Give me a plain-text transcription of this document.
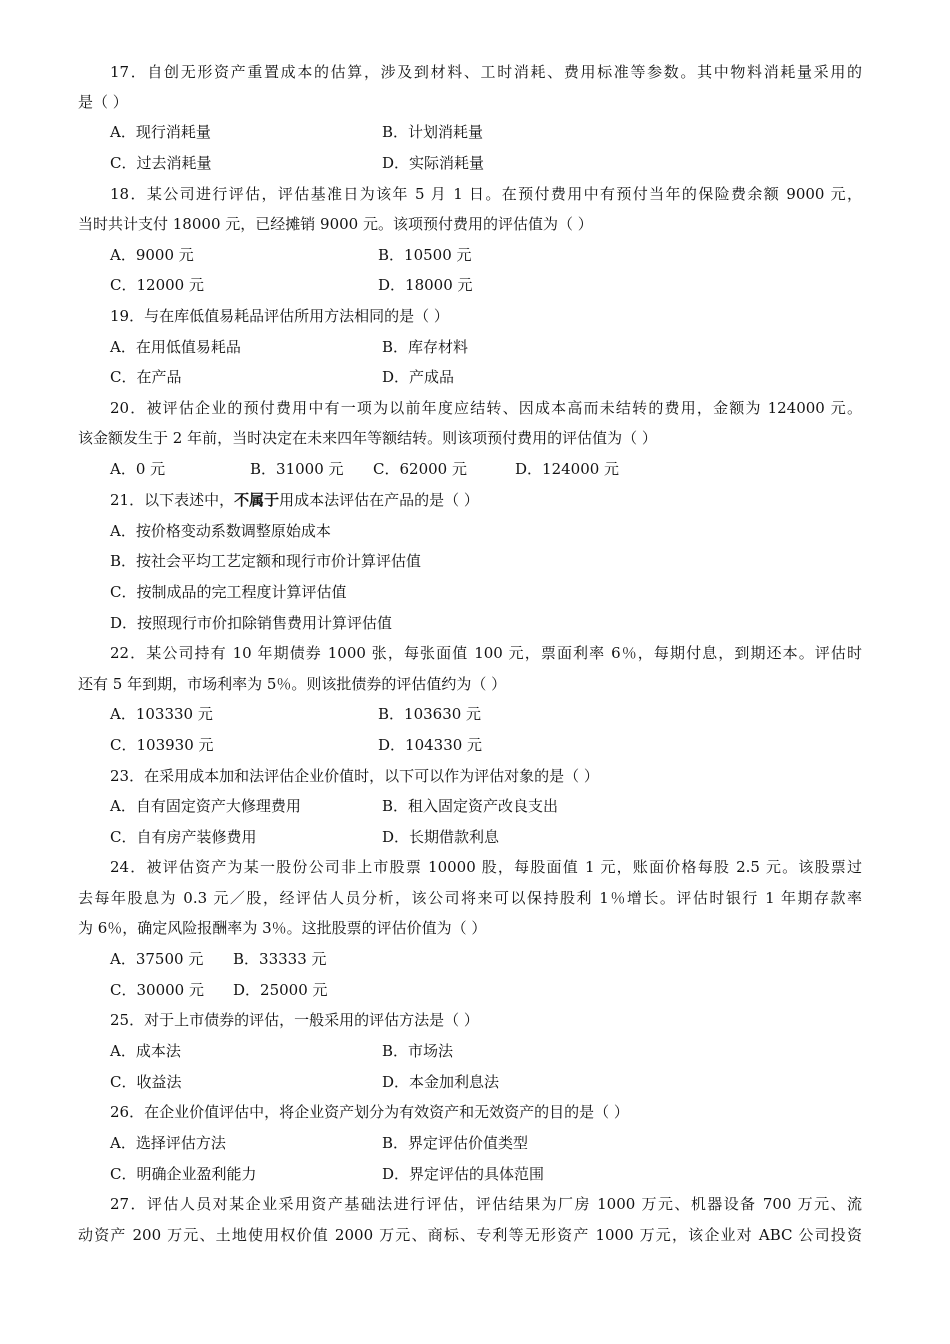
17．自创无形资产重置成本的估算，涉及到材料、工时消耗、费用标准等参数。其中物料消耗量采用的
是（ ）
A．现行消耗量	B．计划消耗量
C．过去消耗量	D．实际消耗量
18．某公司进行评估，评估基准日为该年 5 月 1 日。在预付费用中有预付当年的保险费余额 9000 元，
当时共计支付 18000 元，已经摊销 9000 元。该项预付费用的评估值为（ ）
A．9000 元	B．10500 元
C．12000 元	D．18000 元
19．与在库低值易耗品评估所用方法相同的是（ ）
A．在用低值易耗品	B．库存材料
C．在产品	D．产成品
20．被评估企业的预付费用中有一项为以前年度应结转、因成本高而未结转的费用，金额为 124000 元。
该金额发生于 2 年前，当时决定在未来四年等额结转。则该项预付费用的评估值为（ ）
A．0 元	B．31000 元 C．62000 元	D．124000 元
21．以下表述中，不属于用成本法评估在产品的是（ ）
A．按价格变动系数调整原始成本
B．按社会平均工艺定额和现行市价计算评估值
C．按制成品的完工程度计算评估值
D．按照现行市价扣除销售费用计算评估值
22．某公司持有 10 年期债券 1000 张，每张面值 100 元，票面利率 6％，每期付息，到期还本。评估时
还有 5 年到期，市场利率为 5％。则该批债券的评估值约为（ ）
A．103330 元	B．103630 元
C．103930 元	D．104330 元
23．在采用成本加和法评估企业价值时，以下可以作为评估对象的是（ ）
A．自有固定资产大修理费用	B．租入固定资产改良支出
C．自有房产装修费用	D．长期借款利息
24．被评估资产为某一股份公司非上市股票 10000 股，每股面值 1 元，账面价格每股 2.5 元。该股票过
去每年股息为 0.3 元／股，经评估人员分析，该公司将来可以保持股利 1％增长。评估时银行 1 年期存款率
为 6％，确定风险报酬率为 3％。这批股票的评估价值为（ ）
A．37500 元 B．33333 元
C．30000 元 D．25000 元
25．对于上市债券的评估，一般采用的评估方法是（ ）
A．成本法	B．市场法
C．收益法	D．本金加利息法
26．在企业价值评估中，将企业资产划分为有效资产和无效资产的目的是（ ）
A．选择评估方法	B．界定评估价值类型
C．明确企业盈利能力	D．界定评估的具体范围
27．评估人员对某企业采用资产基础法进行评估，评估结果为厂房 1000 万元、机器设备 700 万元、流
动资产 200 万元、土地使用权价值 2000 万元、商标、专利等无形资产 1000 万元，该企业对 ABC 公司投资
